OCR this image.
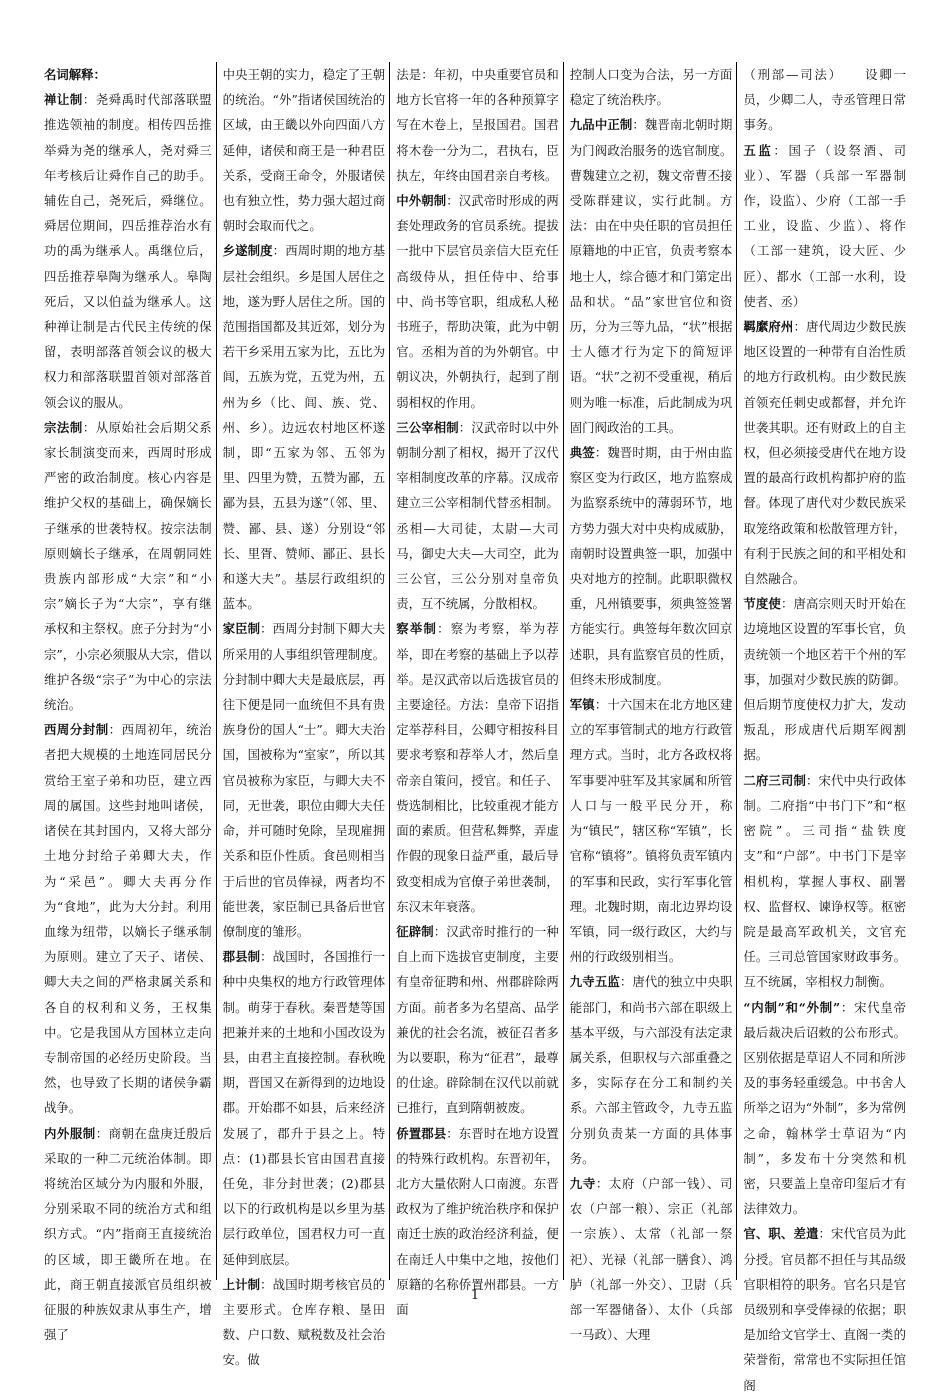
名词解释：
禅让制：尧舜禹时代部落联盟推选领袖的制度。相传四岳推举舜为尧的继承人，尧对舜三年考核后让舜作自己的助手。辅佐自己，尧死后，舜继位。舜居位期间，四岳推荐治水有功的禹为继承人。禹继位后，四岳推荐皋陶为继承人。皋陶死后，又以伯益为继承人。这种禅让制是古代民主传统的保留，表明部落首领会议的极大权力和部落联盟首领对部落首领会议的服从。
宗法制：从原始社会后期父系家长制演变而来，西周时形成严密的政治制度。核心内容是维护父权的基础上，确保嫡长子继承的世袭特权。按宗法制原则嫡长子继承，在周朝同姓贵族内部形成“大宗”和“小宗”嫡长子为“大宗”，享有继承权和主祭权。庶子分封为“小宗”，小宗必须服从大宗，借以维护各级“宗子”为中心的宗法统治。
西周分封制：西周初年，统治者把大规模的土地连同居民分赏给王室子弟和功臣，建立西周的属国。这些封地叫诸侯，诸侯在其封国内，又将大部分土地分封给子弟卿大夫，作为“采邑”。卿大夫再分作为“食地”，此为大分封。利用血缘为纽带，以嫡长子继承制为原则。建立了天子、诸侯、卿大夫之间的严格隶属关系和各自的权利和义务，王权集中。它是我国从方国林立走向专制帝国的必经历史阶段。当然，也导致了长期的诸侯争霸战争。
内外服制：商朝在盘庚迁殷后采取的一种二元统治体制。即将统治区域分为内服和外服，分别采取不同的统治方式和组织方式。“内”指商王直接统治的区域，即王畿所在地。在此，商王朝直接派官员组织被征服的种族奴隶从事生产，增强了
中央王朝的实力，稳定了王朝的统治。“外”指诸侯国统治的区域，由王畿以外向四面八方延伸，诸侯和商王是一种君臣关系，受商王命令，外服诸侯也有独立性，势力强大超过商朝时会取而代之。
乡遂制度：西周时期的地方基层社会组织。乡是国人居住之地，遂为野人居住之所。国的范围指国都及其近郊，划分为若干乡采用五家为比，五比为闾，五族为党，五党为州，五州为乡（比、闾、族、党、州、乡）。边远农村地区杯遂制，即“五家为邻、五邻为里、四里为赞，五赞为鄙，五鄙为县，五县为遂”（邻、里、赞、鄙、县、遂）分别设“邻长、里胥、赞师、鄙正、县长和遂大夫”。基层行政组织的蓝本。
家臣制：西周分封制下卿大夫所采用的人事组织管理制度。分封制中卿大夫是最底层，再往下便是同一血统但不具有贵族身份的国人“士”。卿大夫治国，国被称为“室家”，所以其官员被称为家臣，与卿大夫不同，无世袭，职位由卿大夫任命，并可随时免除，呈现雇拥关系和臣仆性质。食邑则相当于后世的官员俸禄，两者均不能世袭，家臣制已具备后世官僚制度的雏形。
郡县制：战国时，各国推行一种中央集权的地方行政管理体制。萌芽于春秋。秦晋楚等国把兼并来的土地和小国改设为县，由君主直接控制。春秋晚期，晋国又在新得到的边地设郡。开始郡不如县，后来经济发展了，郡升于县之上。特点：(1)郡县长官由国君直接任免，非分封世袭；(2)郡县以下的行政机构是以乡里为基层行政单位，国君权力可一直延伸到底层。
上计制：战国时期考核官员的主要形式。仓库存粮、垦田数、户口数、赋税数及社会治安。做
法是：年初，中央重要官员和地方长官将一年的各种预算字写在木卷上，呈报国君。国君将木卷一分为二，君执右，臣执左，年终由国君亲自考核。
中外朝制：汉武帝时形成的两套处理政务的官员系统。提拔一批中下层官员亲信大臣充任高级侍从，担任侍中、给事中、尚书等官职，组成私人秘书班子，帮助决策，此为中朝官。丞相为首的为外朝官。中朝议决，外朝执行，起到了削弱相权的作用。
三公宰相制：汉武帝时以中外朝制分割了相权，揭开了汉代宰相制度改革的序幕。汉成帝建立三公宰相制代替丞相制。丞相—大司徒，太尉—大司马，御史大夫—大司空，此为三公官，三公分别对皇帝负责，互不统属，分散相权。
察举制：察为考察，举为荐举，即在考察的基础上予以荐举。是汉武帝以后选拔官员的主要途径。方法：皇帝下诏指定举荐科目，公卿守相按科目要求考察和荐举人才，然后皇帝亲自策问，授官。和任子、赀选制相比，比较重视才能方面的素质。但营私舞弊，弄虚作假的现象日益严重，最后导致变相成为官僚子弟世袭制，东汉末年衰落。
征辟制：汉武帝时推行的一种自上而下选拔官吏制度，主要有皇帝征聘和州、州郡辟除两方面。前者多为名望高、品学兼优的社会名流，被征召者多为以要职，称为“征君”，最尊的仕途。辟除制在汉代以前就已推行，直到隋朝被废。
侨置郡县：东晋时在地方设置的特殊行政机构。东晋初年，北方大量依附人口南渡。东晋政权为了维护统治秩序和保护南迁士族的政治经济利益，便在南迁人中集中之地，按他们原籍的名称侨置州郡县。一方面
控制人口变为合法，另一方面稳定了统治秩序。
九品中正制：魏晋南北朝时期为门阀政治服务的选官制度。曹魏建立之初，魏文帝曹丕接受陈群建议，实行此制。方法：由在中央任职的官员担任原籍地的中正官，负责考察本地士人，综合德才和门第定出品和状。“品”家世官位和资历，分为三等九品，“状”根据士人德才行为定下的简短评语。“状”之初不受重视，稍后则为唯一标准，后此制成为巩固门阀政治的工具。
典签：魏晋时期，由于州由监察区变为行政区，地方监察成为监察系统中的薄弱环节，地方势力强大对中央构成威胁，南朝时设置典签一职，加强中央对地方的控制。此职职微权重，凡州镇要事，须典签签署方能实行。典签每年数次回京述职，具有监察官员的性质，但终未形成制度。
军镇：十六国末在北方地区建立的军事管制式的地方行政管理方式。当时，北方各政权将军事要冲驻军及其家属和所管人口与一般平民分开，称为“镇民”，辖区称“军镇”，长官称“镇将”。镇将负责军镇内的军事和民政，实行军事化管理。北魏时期，南北边界均设军镇，同一级行政区，大约与州的行政级别相当。
九寺五监：唐代的独立中央职能部门，和尚书六部在职级上基本平级，与六部没有法定隶属关系，但职权与六部重叠之多，实际存在分工和制约关系。六部主管政令，九寺五监分别负责某一方面的具体事务。
九寺：太府（户部一钱）、司农（户部一粮）、宗正（礼部一宗族）、太常（礼部一祭祀）、光禄（礼部一膳食）、鸿胪（礼部一外交）、卫尉（兵部一军器储备）、太仆（兵部一马政）、大理
（刑部—司法）　　设卿一员，少卿二人，寺丞管理日常事务。
五监：国子（设祭酒、司业）、军器（兵部一军器制作，设监）、少府（工部一手工业，设监、少监）、将作（工部一建筑，设大匠、少匠）、都水（工部一水利，设使者、丞）
羁縻府州：唐代周边少数民族地区设置的一种带有自治性质的地方行政机构。由少数民族首领充任刺史或都督，并允许世袭其职。还有财政上的自主权，但必须接受唐代在地方设置的最高行政机构都护府的监督。体现了唐代对少数民族采取笼络政策和松散管理方针，有利于民族之间的和平相处和自然融合。
节度使：唐高宗则天时开始在边境地区设置的军事长官，负责统领一个地区若干个州的军事，加强对少数民族的防御。但后期节度使权力扩大，发动叛乱，形成唐代后期军阀割据。
二府三司制：宋代中央行政体制。二府指“中书门下”和“枢密院”。三司指“盐铁度支”和“户部”。中书门下是宰相机构，掌握人事权、副署权、监督权、谏诤权等。枢密院是最高军政机关，文官充任。三司总管国家财政事务。互不统属，宰相权力制衡。
“内制”和“外制”：宋代皇帝最后裁决后诏敕的公布形式。区别依据是草诏人不同和所涉及的事务轻重缓急。中书舍人所举之诏为“外制”，多为常例之命，翰林学士草诏为“内制”，多发布十分突然和机密，只要盖上皇帝印玺后才有法律效力。
官、职、差遣：宋代官员为此分授。官员都不担任与其品级官职相符的职务。官名只是官员级别和享受俸禄的依据；职是加给文官学士、直阁一类的荣誉衔，常常也不实际担任馆阁
1
